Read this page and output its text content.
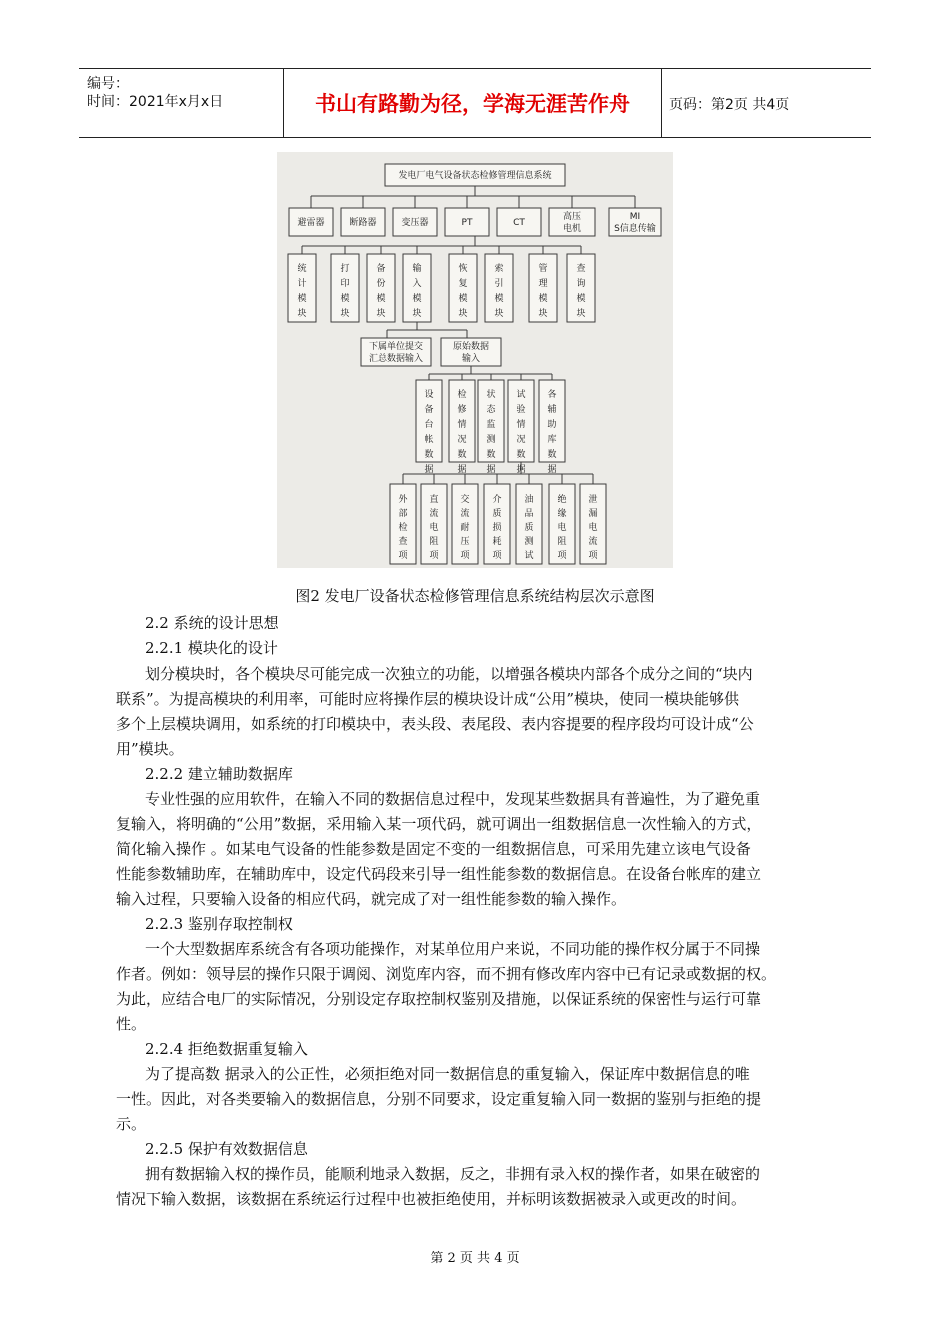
编号：
时间：2021年x月x日	书山有路勤为径，学海无涯苦作舟	页码：第2页 共4页
发电厂电气设备状态检修管理信息系统
避雷器	断路器	变压器	PT	CT
高压
电机
MI
S信息传输
统计模块
打印模块
备份模块
输入模块
恢复模块
索引模块
管理模块
查询模块
下属单位提交
汇总数据输入
原始数据
输入
设备台帐数据
检修情况数据
状态监测数据
试验情况数据
各辅助库数据
外部检查项
直流电阻项
交流耐压项
介质损耗项
油品质测试
绝缘电阻项
泄漏电流项
图2 发电厂设备状态检修管理信息系统结构层次示意图
2.2 系统的设计思想
2.2.1 模块化的设计
划分模块时，各个模块尽可能完成一次独立的功能，以增强各模块内部各个成分之间的“块内
联系”。为提高模块的利用率，可能时应将操作层的模块设计成“公用”模块，使同一模块能够供
多个上层模块调用，如系统的打印模块中，表头段、表尾段、表内容提要的程序段均可设计成“公
用”模块。
2.2.2 建立辅助数据库
专业性强的应用软件，在输入不同的数据信息过程中，发现某些数据具有普遍性，为了避免重
复输入，将明确的“公用”数据，采用输入某一项代码，就可调出一组数据信息一次性输入的方式，
简化输入操作 。如某电气设备的性能参数是固定不变的一组数据信息，可采用先建立该电气设备
性能参数辅助库，在辅助库中，设定代码段来引导一组性能参数的数据信息。在设备台帐库的建立
输入过程，只要输入设备的相应代码，就完成了对一组性能参数的输入操作。
2.2.3 鉴别存取控制权
一个大型数据库系统含有各项功能操作，对某单位用户来说，不同功能的操作权分属于不同操
作者。例如：领导层的操作只限于调阅、浏览库内容，而不拥有修改库内容中已有记录或数据的权。
为此，应结合电厂的实际情况，分别设定存取控制权鉴别及措施，以保证系统的保密性与运行可靠
性。
2.2.4 拒绝数据重复输入
为了提高数 据录入的公正性，必须拒绝对同一数据信息的重复输入，保证库中数据信息的唯
一性。因此，对各类要输入的数据信息，分别不同要求，设定重复输入同一数据的鉴别与拒绝的提
示。
2.2.5 保护有效数据信息
拥有数据输入权的操作员，能顺利地录入数据，反之，非拥有录入权的操作者，如果在破密的
情况下输入数据，该数据在系统运行过程中也被拒绝使用，并标明该数据被录入或更改的时间。
第 2 页 共 4 页
